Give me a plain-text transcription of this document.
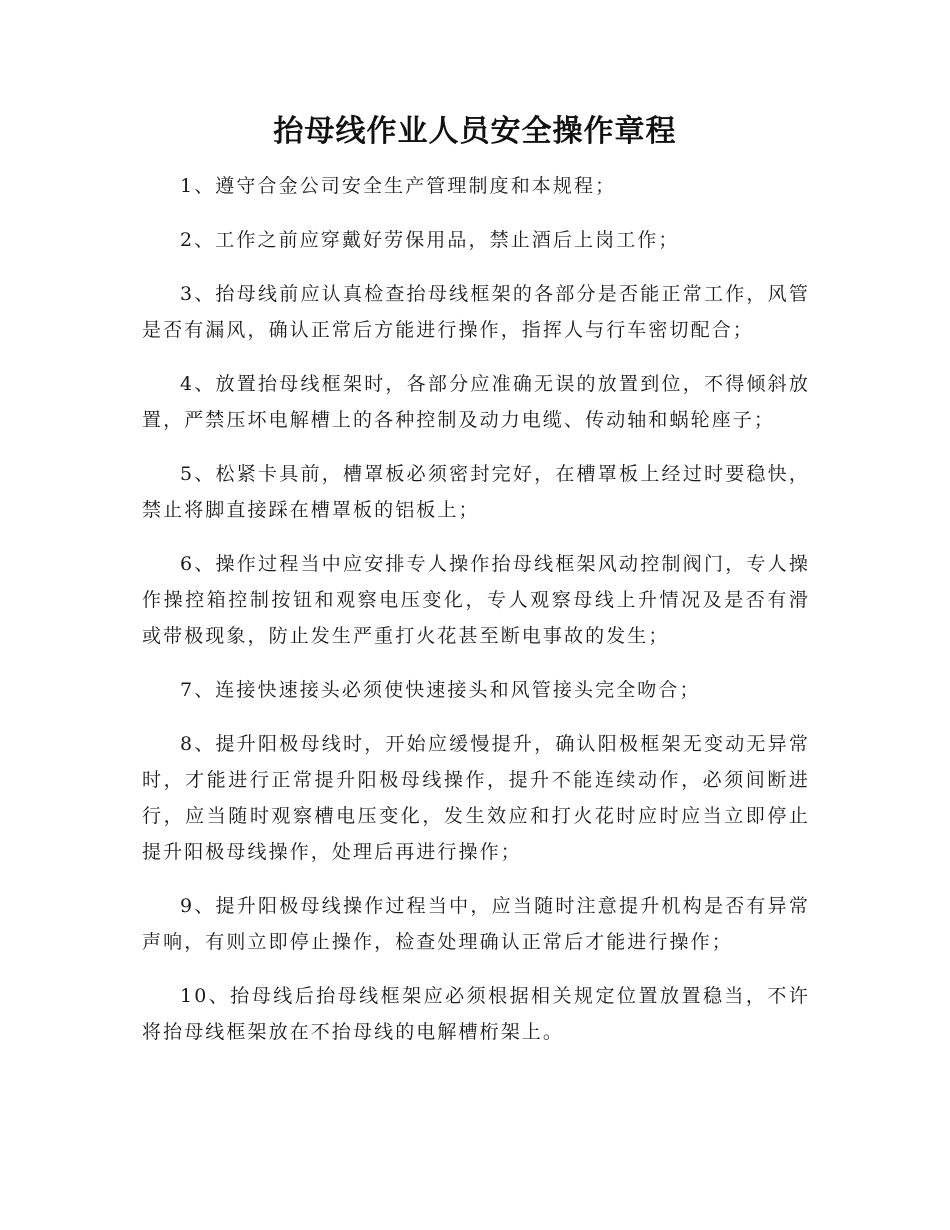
抬母线作业人员安全操作章程

1、遵守合金公司安全生产管理制度和本规程；

2、工作之前应穿戴好劳保用品，禁止酒后上岗工作；

3、抬母线前应认真检查抬母线框架的各部分是否能正常工作，风管是否有漏风，确认正常后方能进行操作，指挥人与行车密切配合；

4、放置抬母线框架时，各部分应准确无误的放置到位，不得倾斜放置，严禁压坏电解槽上的各种控制及动力电缆、传动轴和蜗轮座子；

5、松紧卡具前，槽罩板必须密封完好，在槽罩板上经过时要稳快，禁止将脚直接踩在槽罩板的铝板上；

6、操作过程当中应安排专人操作抬母线框架风动控制阀门，专人操作操控箱控制按钮和观察电压变化，专人观察母线上升情况及是否有滑或带极现象，防止发生严重打火花甚至断电事故的发生；

7、连接快速接头必须使快速接头和风管接头完全吻合；

8、提升阳极母线时，开始应缓慢提升，确认阳极框架无变动无异常时，才能进行正常提升阳极母线操作，提升不能连续动作，必须间断进行，应当随时观察槽电压变化，发生效应和打火花时应时应当立即停止提升阳极母线操作，处理后再进行操作；

9、提升阳极母线操作过程当中，应当随时注意提升机构是否有异常声响，有则立即停止操作，检查处理确认正常后才能进行操作；

10、抬母线后抬母线框架应必须根据相关规定位置放置稳当，不许将抬母线框架放在不抬母线的电解槽桁架上。
